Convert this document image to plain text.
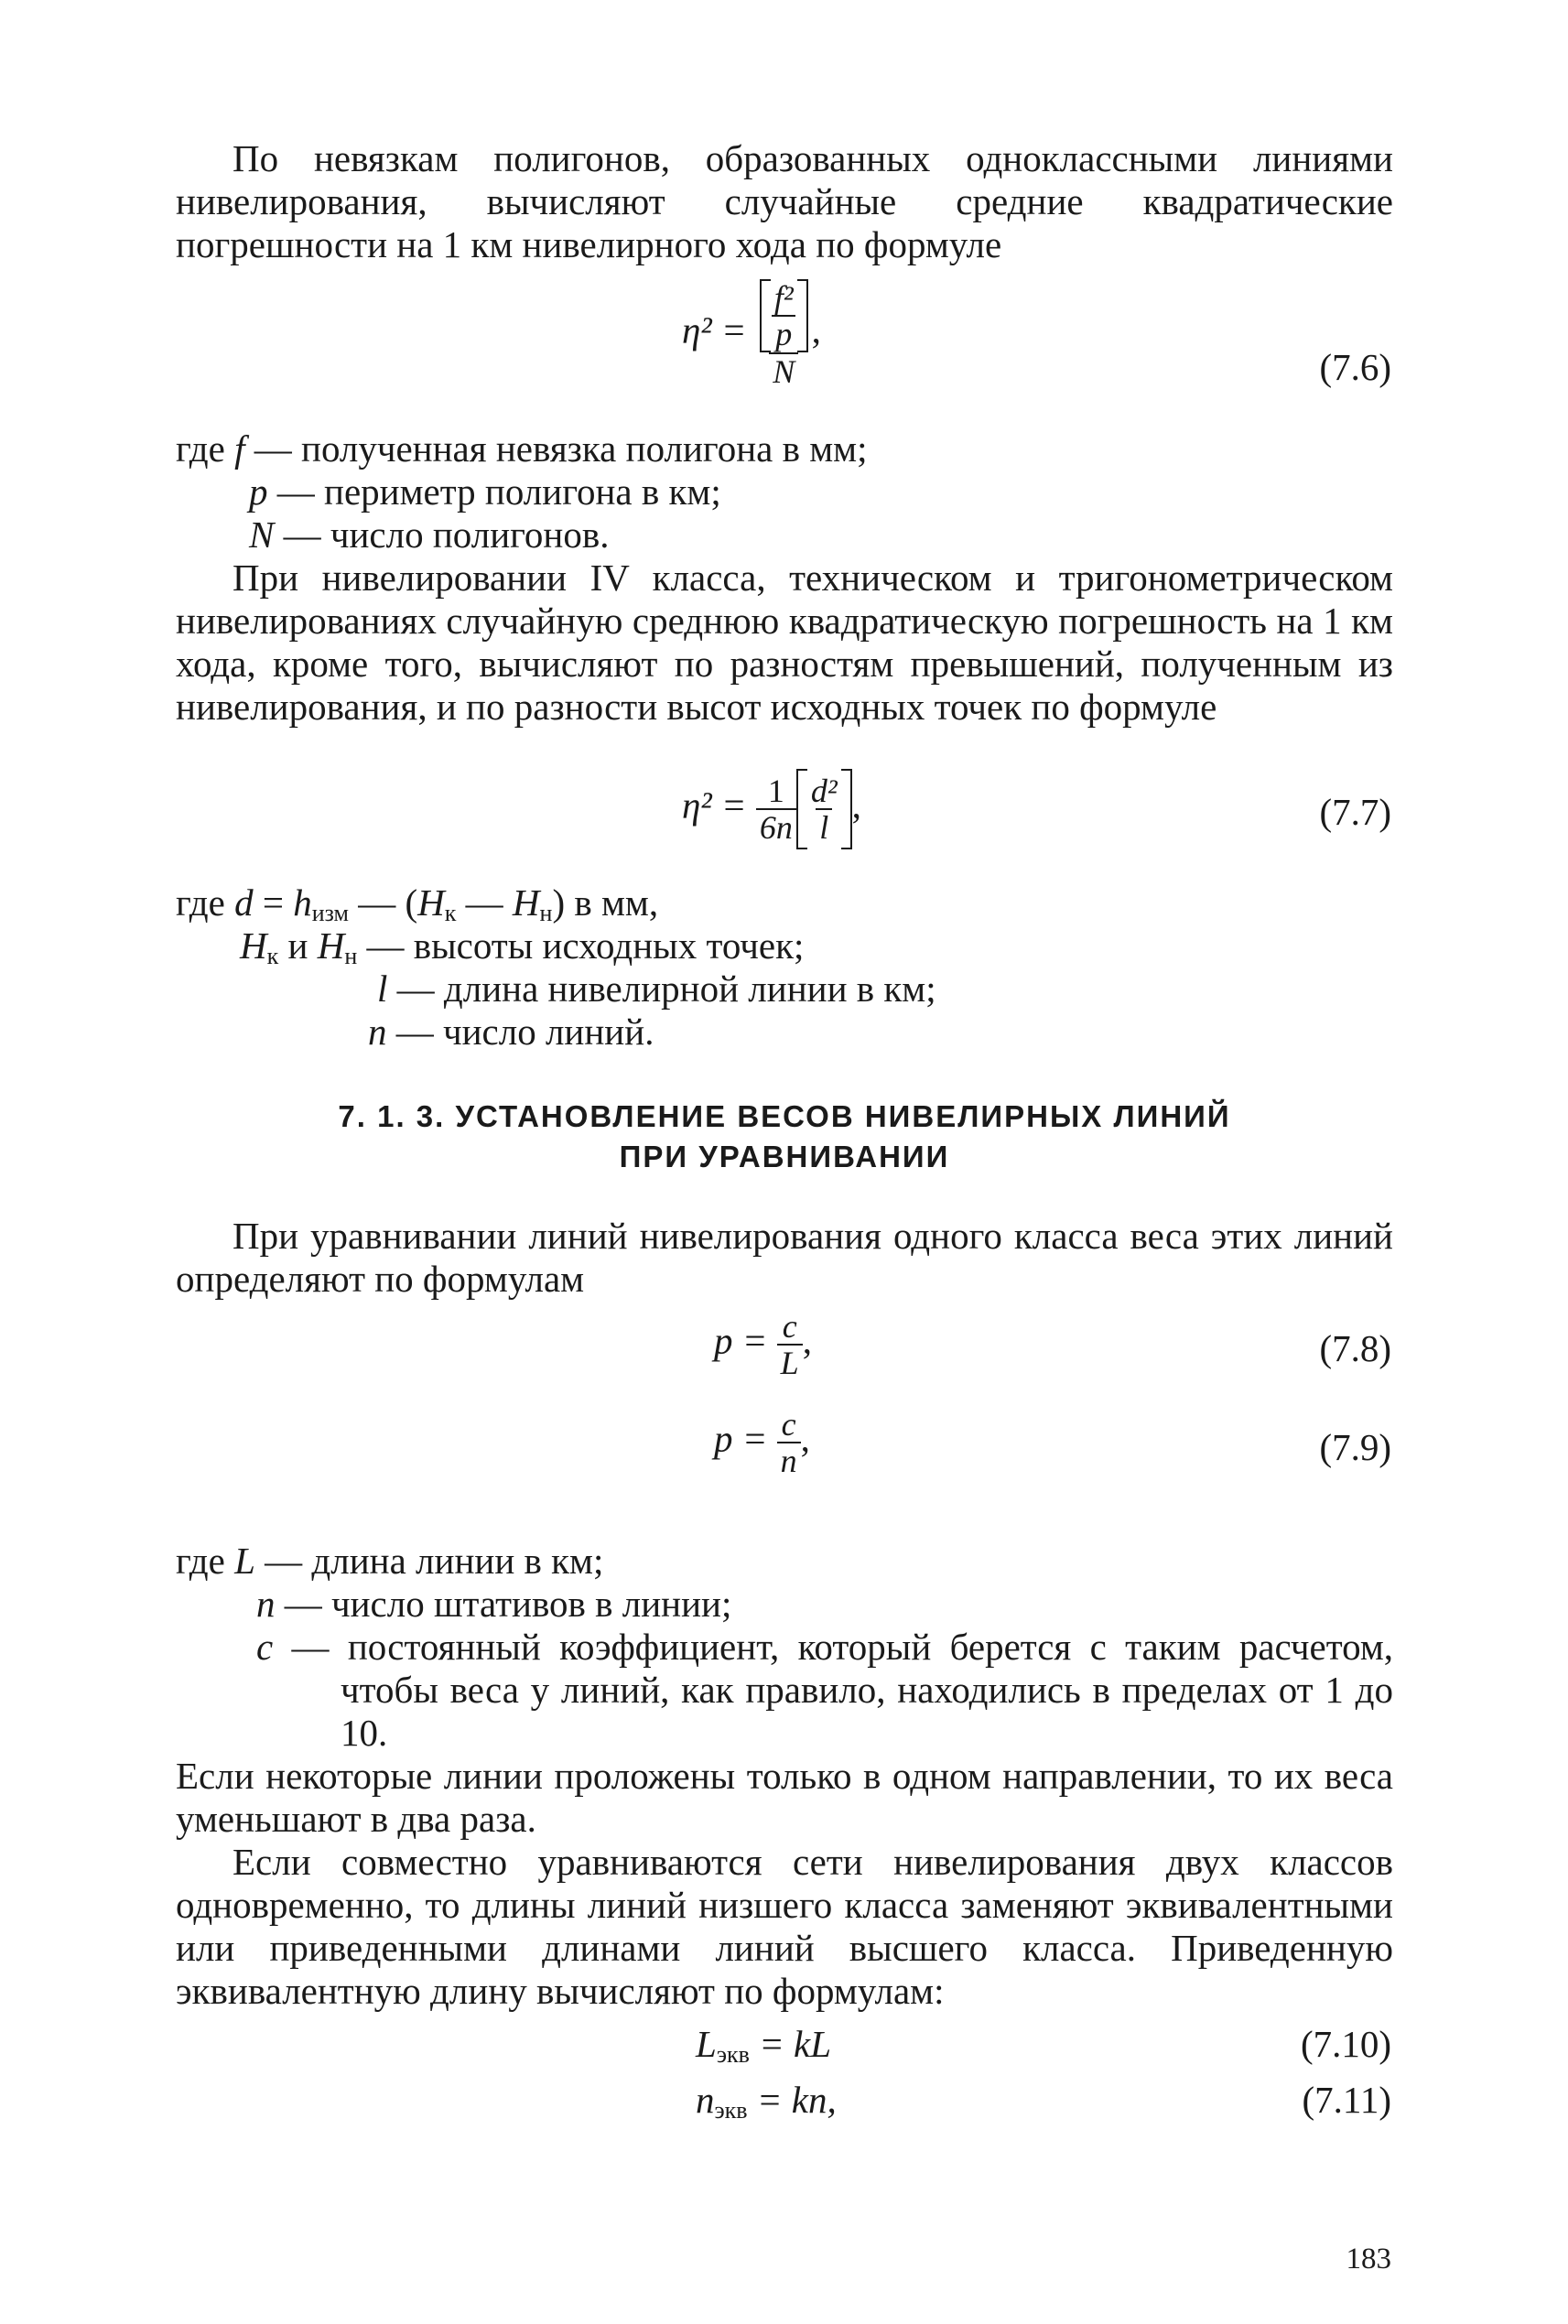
По невязкам полигонов, образованных одноклассными линиями нивелирования, вычисляют случайные средние квадратические погрешности на 1 км нивелирного хода по формуле
$\eta^2 = \frac{\frac{\text{f²}}{p}}{N}$ ,
(7.6)
где f — полученная невязка полигона в мм;
p — периметр полигона в км;
N — число полигонов.
При нивелировании IV класса, техническом и тригонометрическом нивелированиях случайную среднюю квадратическую погрешность на 1 км хода, кроме того, вычисляют по разностям превышений, полученным из нивелирования, и по разности высот исходных точек по формуле
$\eta^2 = \frac{1}{6n} \frac{\text{d²}}{l}$ ,	(7.7)
где $d = h_{изм}$ — ($H_к$ — $H_н$) в мм,
$H_к$ и $H_н$ — высоты исходных точек;
l — длина нивелирной линии в км;
n — число линий.
7. 1. 3. УСТАНОВЛЕНИЕ ВЕСОВ НИВЕЛИРНЫХ ЛИНИЙ
ПРИ УРАВНИВАНИИ
При уравнивании линий нивелирования одного класса веса этих линий определяют по формулам
$p = \frac{c}{L}$ ,	(7.8)
$p = \frac{c}{n}$ ,	(7.9)
где L — длина линии в км;
n — число штативов в линии;
c — постоянный коэффициент, который берется с таким расчетом, чтобы веса у линий, как правило, находились в пределах от 1 до 10.
Если некоторые линии проложены только в одном направлении, то их веса уменьшают в два раза.
Если совместно уравниваются сети нивелирования двух классов одновременно, то длины линий низшего класса заменяют эквивалентными или приведенными длинами линий высшего класса. Приведенную эквивалентную длину вычисляют по формулам:
$L_{экв}$ = kL	(7.10)
$n_{экв}$ = kn,	(7.11)
183
